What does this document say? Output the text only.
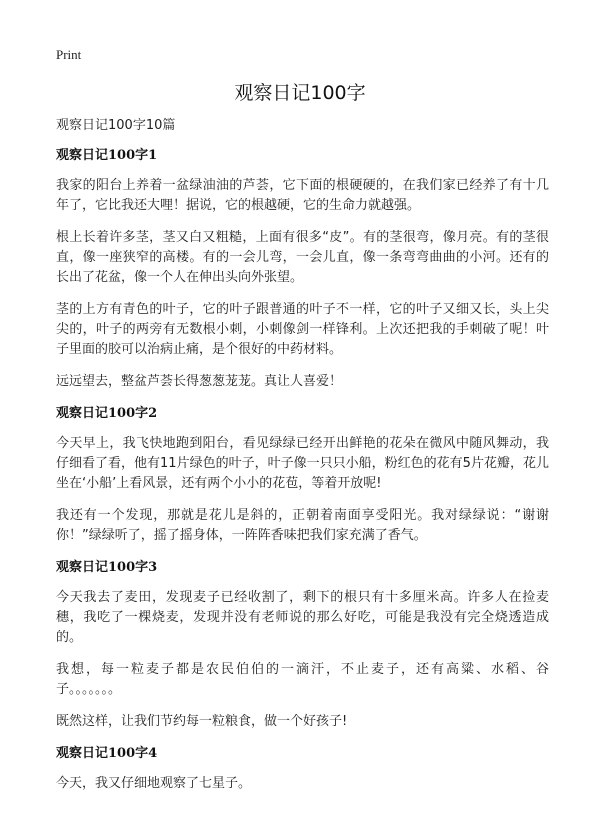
Print
观察日记100字

观察日记100字10篇

观察日记100字1

我家的阳台上养着一盆绿油油的芦荟，它下面的根硬硬的，在我们家已经养了有十几年了，它比我还大哩！据说，它的根越硬，它的生命力就越强。

根上长着许多茎，茎又白又粗糙，上面有很多“皮”。有的茎很弯，像月亮。有的茎很直，像一座狭窄的高楼。有的一会儿弯，一会儿直，像一条弯弯曲曲的小河。还有的长出了花盆，像一个人在伸出头向外张望。

茎的上方有青色的叶子，它的叶子跟普通的叶子不一样，它的叶子又细又长，头上尖尖的，叶子的两旁有无数根小刺，小刺像剑一样锋利。上次还把我的手刺破了呢！叶子里面的胶可以治病止痛，是个很好的中药材料。

远远望去，整盆芦荟长得葱葱茏茏。真让人喜爱！

观察日记100字2

今天早上，我飞快地跑到阳台，看见绿绿已经开出鲜艳的花朵在微风中随风舞动，我仔细看了看，他有11片绿色的叶子，叶子像一只只小船，粉红色的花有5片花瓣，花儿坐在‘小船’上看风景，还有两个小小的花苞，等着开放呢!

我还有一个发现，那就是花儿是斜的，正朝着南面享受阳光。我对绿绿说：“谢谢你！”绿绿听了，摇了摇身体，一阵阵香味把我们家充满了香气。

观察日记100字3

今天我去了麦田，发现麦子已经收割了，剩下的根只有十多厘米高。许多人在捡麦穗，我吃了一棵烧麦，发现并没有老师说的那么好吃，可能是我没有完全烧透造成的。

我想，每一粒麦子都是农民伯伯的一滴汗，不止麦子，还有高粱、水稻、谷子。。。。。。。

既然这样，让我们节约每一粒粮食，做一个好孩子!

观察日记100字4

今天，我又仔细地观察了七星子。
